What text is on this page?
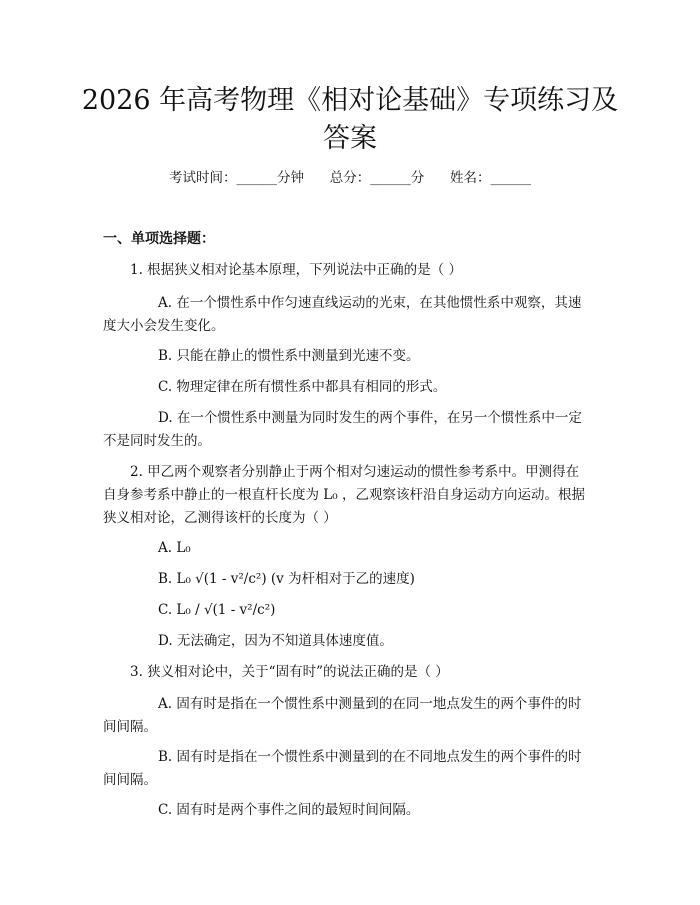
2026 年高考物理《相对论基础》专项练习及
答案
考试时间：______分钟      总分：______分      姓名：______
一、单项选择题：
1. 根据狭义相对论基本原理，下列说法中正确的是（ ）
A. 在一个惯性系中作匀速直线运动的光束，在其他惯性系中观察，其速
度大小会发生变化。
B. 只能在静止的惯性系中测量到光速不变。
C. 物理定律在所有惯性系中都具有相同的形式。
D. 在一个惯性系中测量为同时发生的两个事件，在另一个惯性系中一定
不是同时发生的。
2. 甲乙两个观察者分别静止于两个相对匀速运动的惯性参考系中。甲测得在
自身参考系中静止的一根直杆长度为 L₀ ，乙观察该杆沿自身运动方向运动。根据
狭义相对论，乙测得该杆的长度为（ ）
A. L₀
B. L₀ √(1 - v²/c²) (v 为杆相对于乙的速度)
C. L₀ / √(1 - v²/c²)
D. 无法确定，因为不知道具体速度值。
3. 狭义相对论中，关于“固有时”的说法正确的是（ ）
A. 固有时是指在一个惯性系中测量到的在同一地点发生的两个事件的时
间间隔。
B. 固有时是指在一个惯性系中测量到的在不同地点发生的两个事件的时
间间隔。
C. 固有时是两个事件之间的最短时间间隔。
